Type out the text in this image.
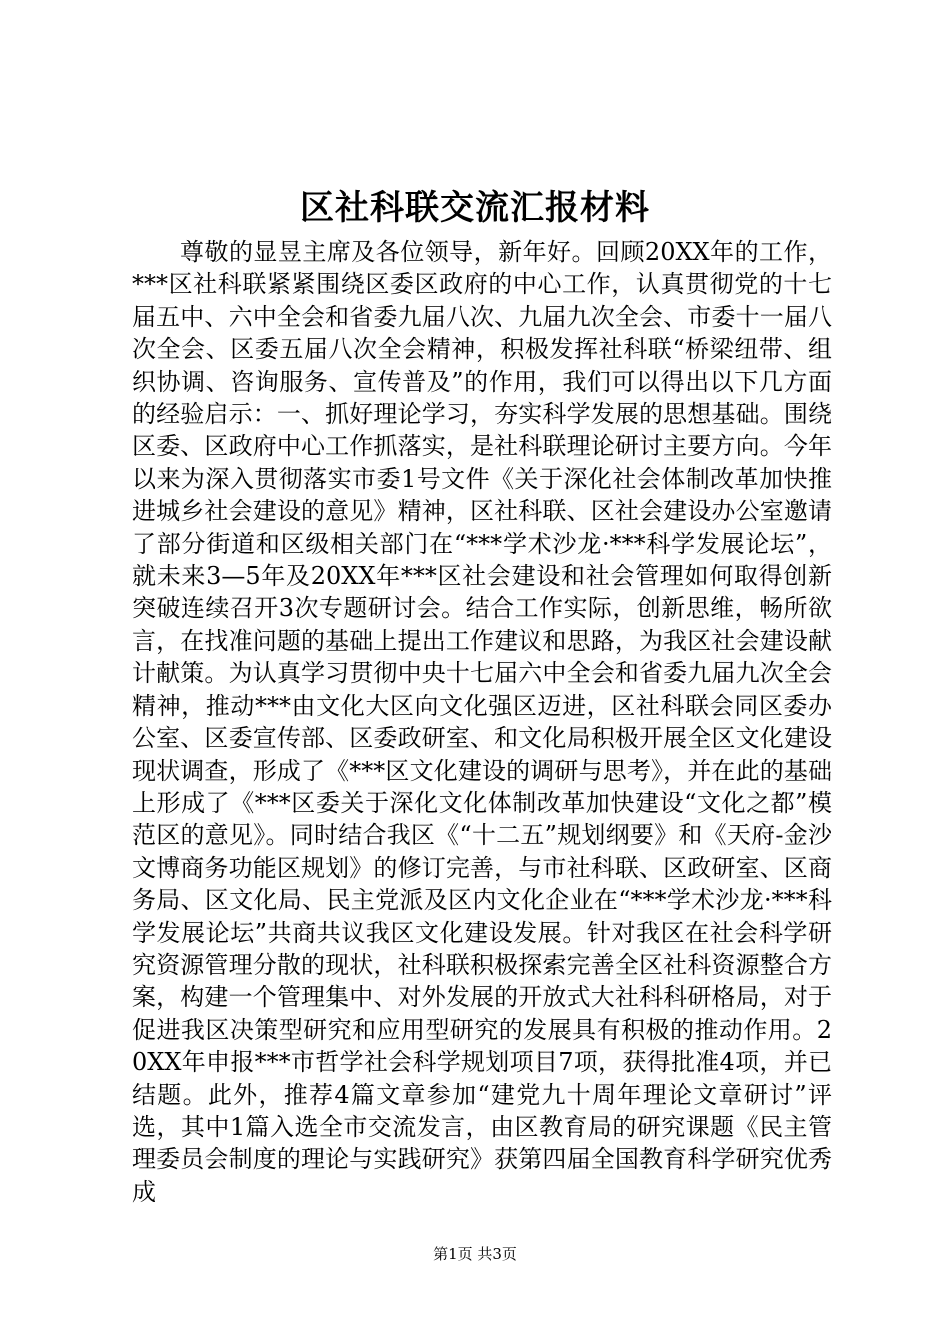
区社科联交流汇报材料

尊敬的显昱主席及各位领导，新年好。回顾20XX年的工作，***区社科联紧紧围绕区委区政府的中心工作，认真贯彻党的十七届五中、六中全会和省委九届八次、九届九次全会、市委十一届八次全会、区委五届八次全会精神，积极发挥社科联“桥梁纽带、组织协调、咨询服务、宣传普及”的作用，我们可以得出以下几方面的经验启示：一、抓好理论学习，夯实科学发展的思想基础。围绕区委、区政府中心工作抓落实，是社科联理论研讨主要方向。今年以来为深入贯彻落实市委1号文件《关于深化社会体制改革加快推进城乡社会建设的意见》精神，区社科联、区社会建设办公室邀请了部分街道和区级相关部门在“***学术沙龙·***科学发展论坛”，就未来3—5年及20XX年***区社会建设和社会管理如何取得创新突破连续召开3次专题研讨会。结合工作实际，创新思维，畅所欲言，在找准问题的基础上提出工作建议和思路，为我区社会建设献计献策。为认真学习贯彻中央十七届六中全会和省委九届九次全会精神，推动***由文化大区向文化强区迈进，区社科联会同区委办公室、区委宣传部、区委政研室、和文化局积极开展全区文化建设现状调查，形成了《***区文化建设的调研与思考》，并在此的基础上形成了《***区委关于深化文化体制改革加快建设“文化之都”模范区的意见》。同时结合我区《“十二五”规划纲要》和《天府-金沙文博商务功能区规划》的修订完善，与市社科联、区政研室、区商务局、区文化局、民主党派及区内文化企业在“***学术沙龙·***科学发展论坛”共商共议我区文化建设发展。针对我区在社会科学研究资源管理分散的现状，社科联积极探索完善全区社科资源整合方案，构建一个管理集中、对外发展的开放式大社科科研格局，对于促进我区决策型研究和应用型研究的发展具有积极的推动作用。20XX年申报***市哲学社会科学规划项目7项，获得批准4项，并已结题。此外，推荐4篇文章参加“建党九十周年理论文章研讨”评选，其中1篇入选全市交流发言，由区教育局的研究课题《民主管理委员会制度的理论与实践研究》获第四届全国教育科学研究优秀成

第1页 共3页
